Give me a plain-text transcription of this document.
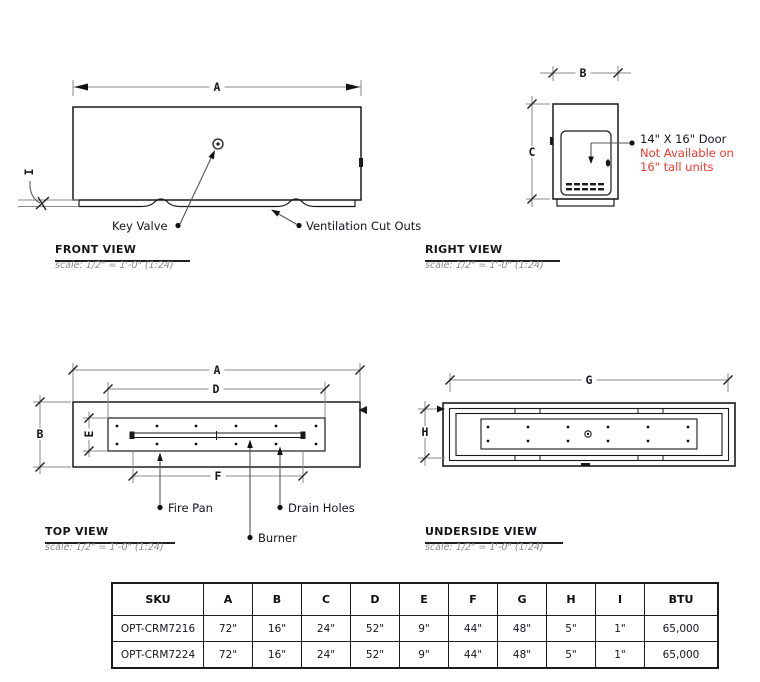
A
I
B
C
A
D
B	E
F
G
H
Key Valve	Ventilation Cut Outs
Fire Pan	Drain Holes
Burner
14" X 16" Door
Not Available on
16" tall units
FRONT VIEW
scale: 1/2" = 1'-0" (1:24)
RIGHT VIEW
scale: 1/2" = 1'-0" (1:24)
TOP VIEW
scale: 1/2" = 1'-0" (1:24)
UNDERSIDE VIEW
scale: 1/2" = 1'-0" (1:24)
SKU	A	B	C	D	E	F	G	H	I	BTU
OPT-CRM7216	72"	16"	24"	52"	9"	44"	48"	5"	1"	65,000
OPT-CRM7224	72"	16"	24"	52"	9"	44"	48"	5"	1"	65,000
